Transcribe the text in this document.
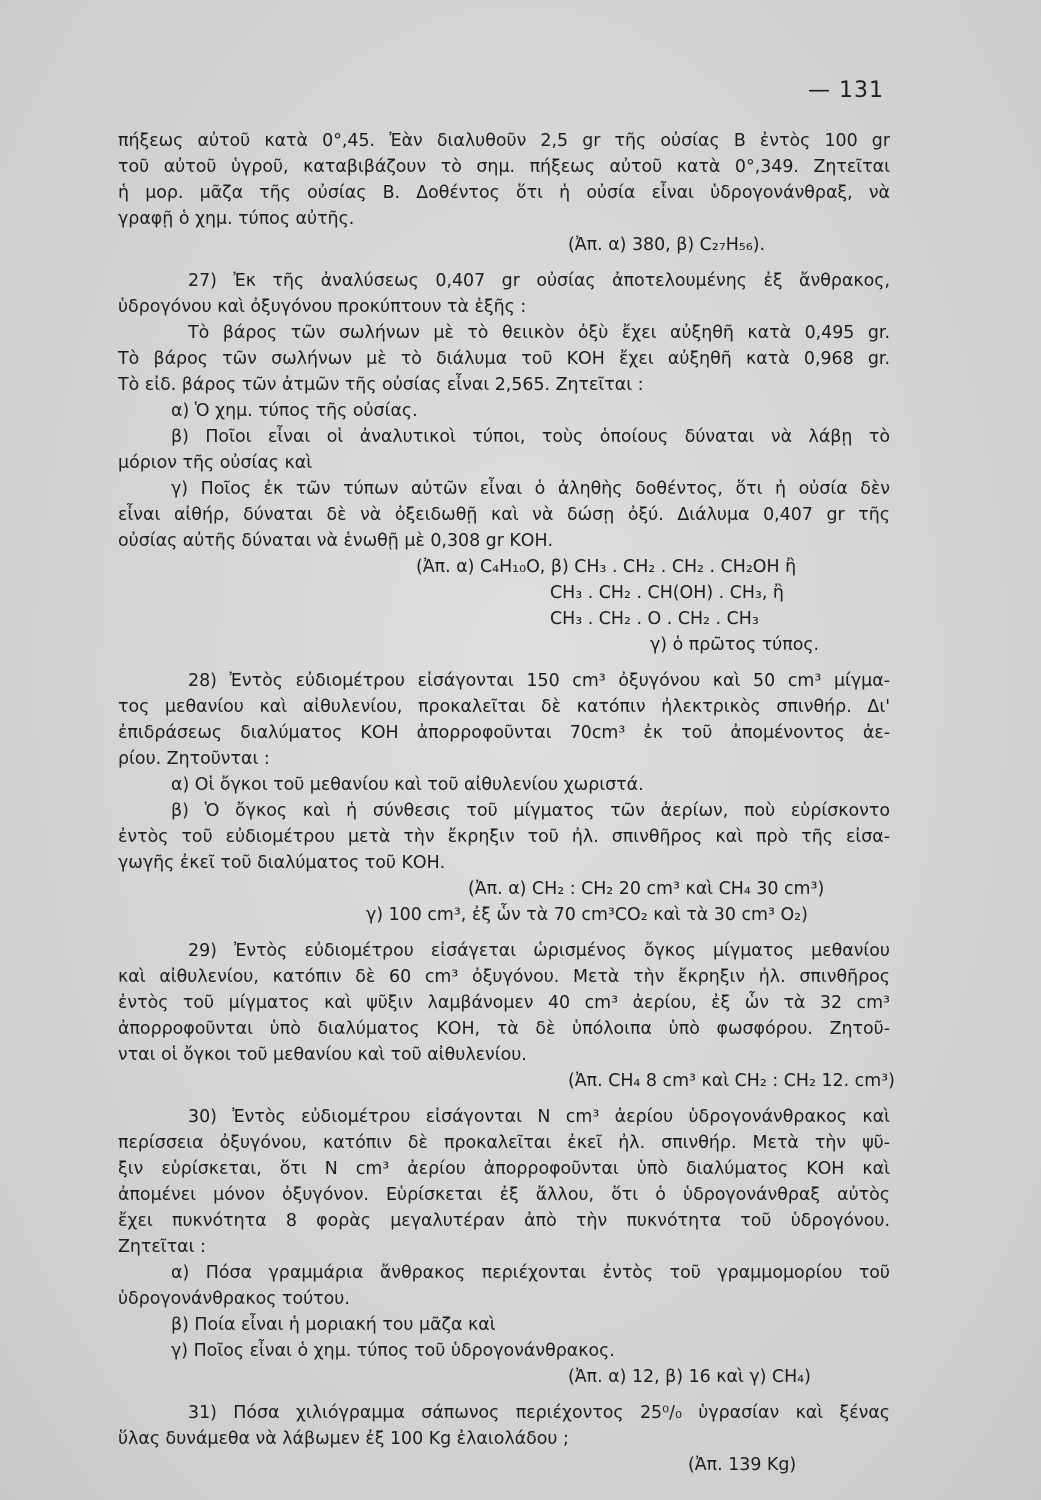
— 131
πήξεως αὐτοῦ κατὰ 0°,45. Ἐὰν διαλυθοῦν 2,5 gr τῆς οὐσίας Β ἐντὸς 100 gr
τοῦ αὐτοῦ ὑγροῦ, καταβιβάζουν τὸ σημ. πήξεως αὐτοῦ κατὰ 0°,349. Ζητεῖται
ἡ μορ. μᾶζα τῆς οὐσίας Β. Δοθέντος ὅτι ἡ οὐσία εἶναι ὑδρογονάνθραξ, νὰ
γραφῇ ὁ χημ. τύπος αὐτῆς.
(Ἀπ. α) 380, β) C₂₇H₅₆).
27) Ἐκ τῆς ἀναλύσεως 0,407 gr οὐσίας ἀποτελουμένης ἐξ ἄνθρακος,
ὑδρογόνου καὶ ὀξυγόνου προκύπτουν τὰ ἑξῆς :
Τὸ βάρος τῶν σωλήνων μὲ τὸ θειικὸν ὀξὺ ἔχει αὐξηθῆ κατὰ 0,495 gr.
Τὸ βάρος τῶν σωλήνων μὲ τὸ διάλυμα τοῦ ΚΟΗ ἔχει αὐξηθῆ κατὰ 0,968 gr.
Τὸ εἰδ. βάρος τῶν ἀτμῶν τῆς οὐσίας εἶναι 2,565. Ζητεῖται :
α) Ὁ χημ. τύπος τῆς οὐσίας.
β) Ποῖοι εἶναι οἱ ἀναλυτικοὶ τύποι, τοὺς ὁποίους δύναται νὰ λάβῃ τὸ
μόριον τῆς οὐσίας καὶ
γ) Ποῖος ἐκ τῶν τύπων αὐτῶν εἶναι ὁ ἀληθὴς δοθέντος, ὅτι ἡ οὐσία δὲν
εἶναι αἰθήρ, δύναται δὲ νὰ ὀξειδωθῇ καὶ νὰ δώσῃ ὀξύ. Διάλυμα 0,407 gr τῆς
οὐσίας αὐτῆς δύναται νὰ ἑνωθῇ μὲ 0,308 gr ΚΟΗ.
(Ἀπ. α) C₄H₁₀O, β) CH₃ . CH₂ . CH₂ . CH₂OH ἢ
CH₃ . CH₂ . CH(OH) . CH₃, ἢ
CH₃ . CH₂ . O . CH₂ . CH₃
γ) ὁ πρῶτος τύπος.
28) Ἐντὸς εὐδιομέτρου εἰσάγονται 150 cm³ ὀξυγόνου καὶ 50 cm³ μίγμα-
τος μεθανίου καὶ αἰθυλενίου, προκαλεῖται δὲ κατόπιν ἠλεκτρικὸς σπινθήρ. Δι'
ἐπιδράσεως διαλύματος ΚΟΗ ἀπορροφοῦνται 70cm³ ἐκ τοῦ ἀπομένοντος ἀε-
ρίου. Ζητοῦνται :
α) Οἱ ὄγκοι τοῦ μεθανίου καὶ τοῦ αἰθυλενίου χωριστά.
β) Ὁ ὄγκος καὶ ἡ σύνθεσις τοῦ μίγματος τῶν ἀερίων, ποὺ εὑρίσκοντο
ἐντὸς τοῦ εὐδιομέτρου μετὰ τὴν ἔκρηξιν τοῦ ἠλ. σπινθῆρος καὶ πρὸ τῆς εἰσα-
γωγῆς ἐκεῖ τοῦ διαλύματος τοῦ ΚΟΗ.
(Ἀπ. α) CH₂ : CH₂ 20 cm³ καὶ CH₄ 30 cm³)
γ) 100 cm³, ἐξ ὧν τὰ 70 cm³CO₂ καὶ τὰ 30 cm³ O₂)
29) Ἐντὸς εὐδιομέτρου εἰσάγεται ὡρισμένος ὄγκος μίγματος μεθανίου
καὶ αἰθυλενίου, κατόπιν δὲ 60 cm³ ὀξυγόνου. Μετὰ τὴν ἔκρηξιν ἠλ. σπινθῆρος
ἐντὸς τοῦ μίγματος καὶ ψῦξιν λαμβάνομεν 40 cm³ ἀερίου, ἐξ ὧν τὰ 32 cm³
ἀπορροφοῦνται ὑπὸ διαλύματος ΚΟΗ, τὰ δὲ ὑπόλοιπα ὑπὸ φωσφόρου. Ζητοῦ-
νται οἱ ὄγκοι τοῦ μεθανίου καὶ τοῦ αἰθυλενίου.
(Ἀπ. CH₄ 8 cm³ καὶ CH₂ : CH₂ 12. cm³)
30) Ἐντὸς εὐδιομέτρου εἰσάγονται Ν cm³ ἀερίου ὑδρογονάνθρακος καὶ
περίσσεια ὀξυγόνου, κατόπιν δὲ προκαλεῖται ἐκεῖ ἠλ. σπινθήρ. Μετὰ τὴν ψῦ-
ξιν εὑρίσκεται, ὅτι Ν cm³ ἀερίου ἀπορροφοῦνται ὑπὸ διαλύματος ΚΟΗ καὶ
ἀπομένει μόνον ὀξυγόνον. Εὑρίσκεται ἐξ ἄλλου, ὅτι ὁ ὑδρογονάνθραξ αὐτὸς
ἔχει πυκνότητα 8 φορὰς μεγαλυτέραν ἀπὸ τὴν πυκνότητα τοῦ ὑδρογόνου.
Ζητεῖται :
α) Πόσα γραμμάρια ἄνθρακος περιέχονται ἐντὸς τοῦ γραμμομορίου τοῦ
ὑδρογονάνθρακος τούτου.
β) Ποία εἶναι ἡ μοριακή του μᾶζα καὶ
γ) Ποῖος εἶναι ὁ χημ. τύπος τοῦ ὑδρογονάνθρακος.
(Ἀπ. α) 12, β) 16 καὶ γ) CH₄)
31) Πόσα χιλιόγραμμα σάπωνος περιέχοντος 25⁰/₀ ὑγρασίαν καὶ ξένας
ὕλας δυνάμεθα νὰ λάβωμεν ἐξ 100 Kg ἐλαιολάδου ;
(Ἀπ. 139 Kg)
